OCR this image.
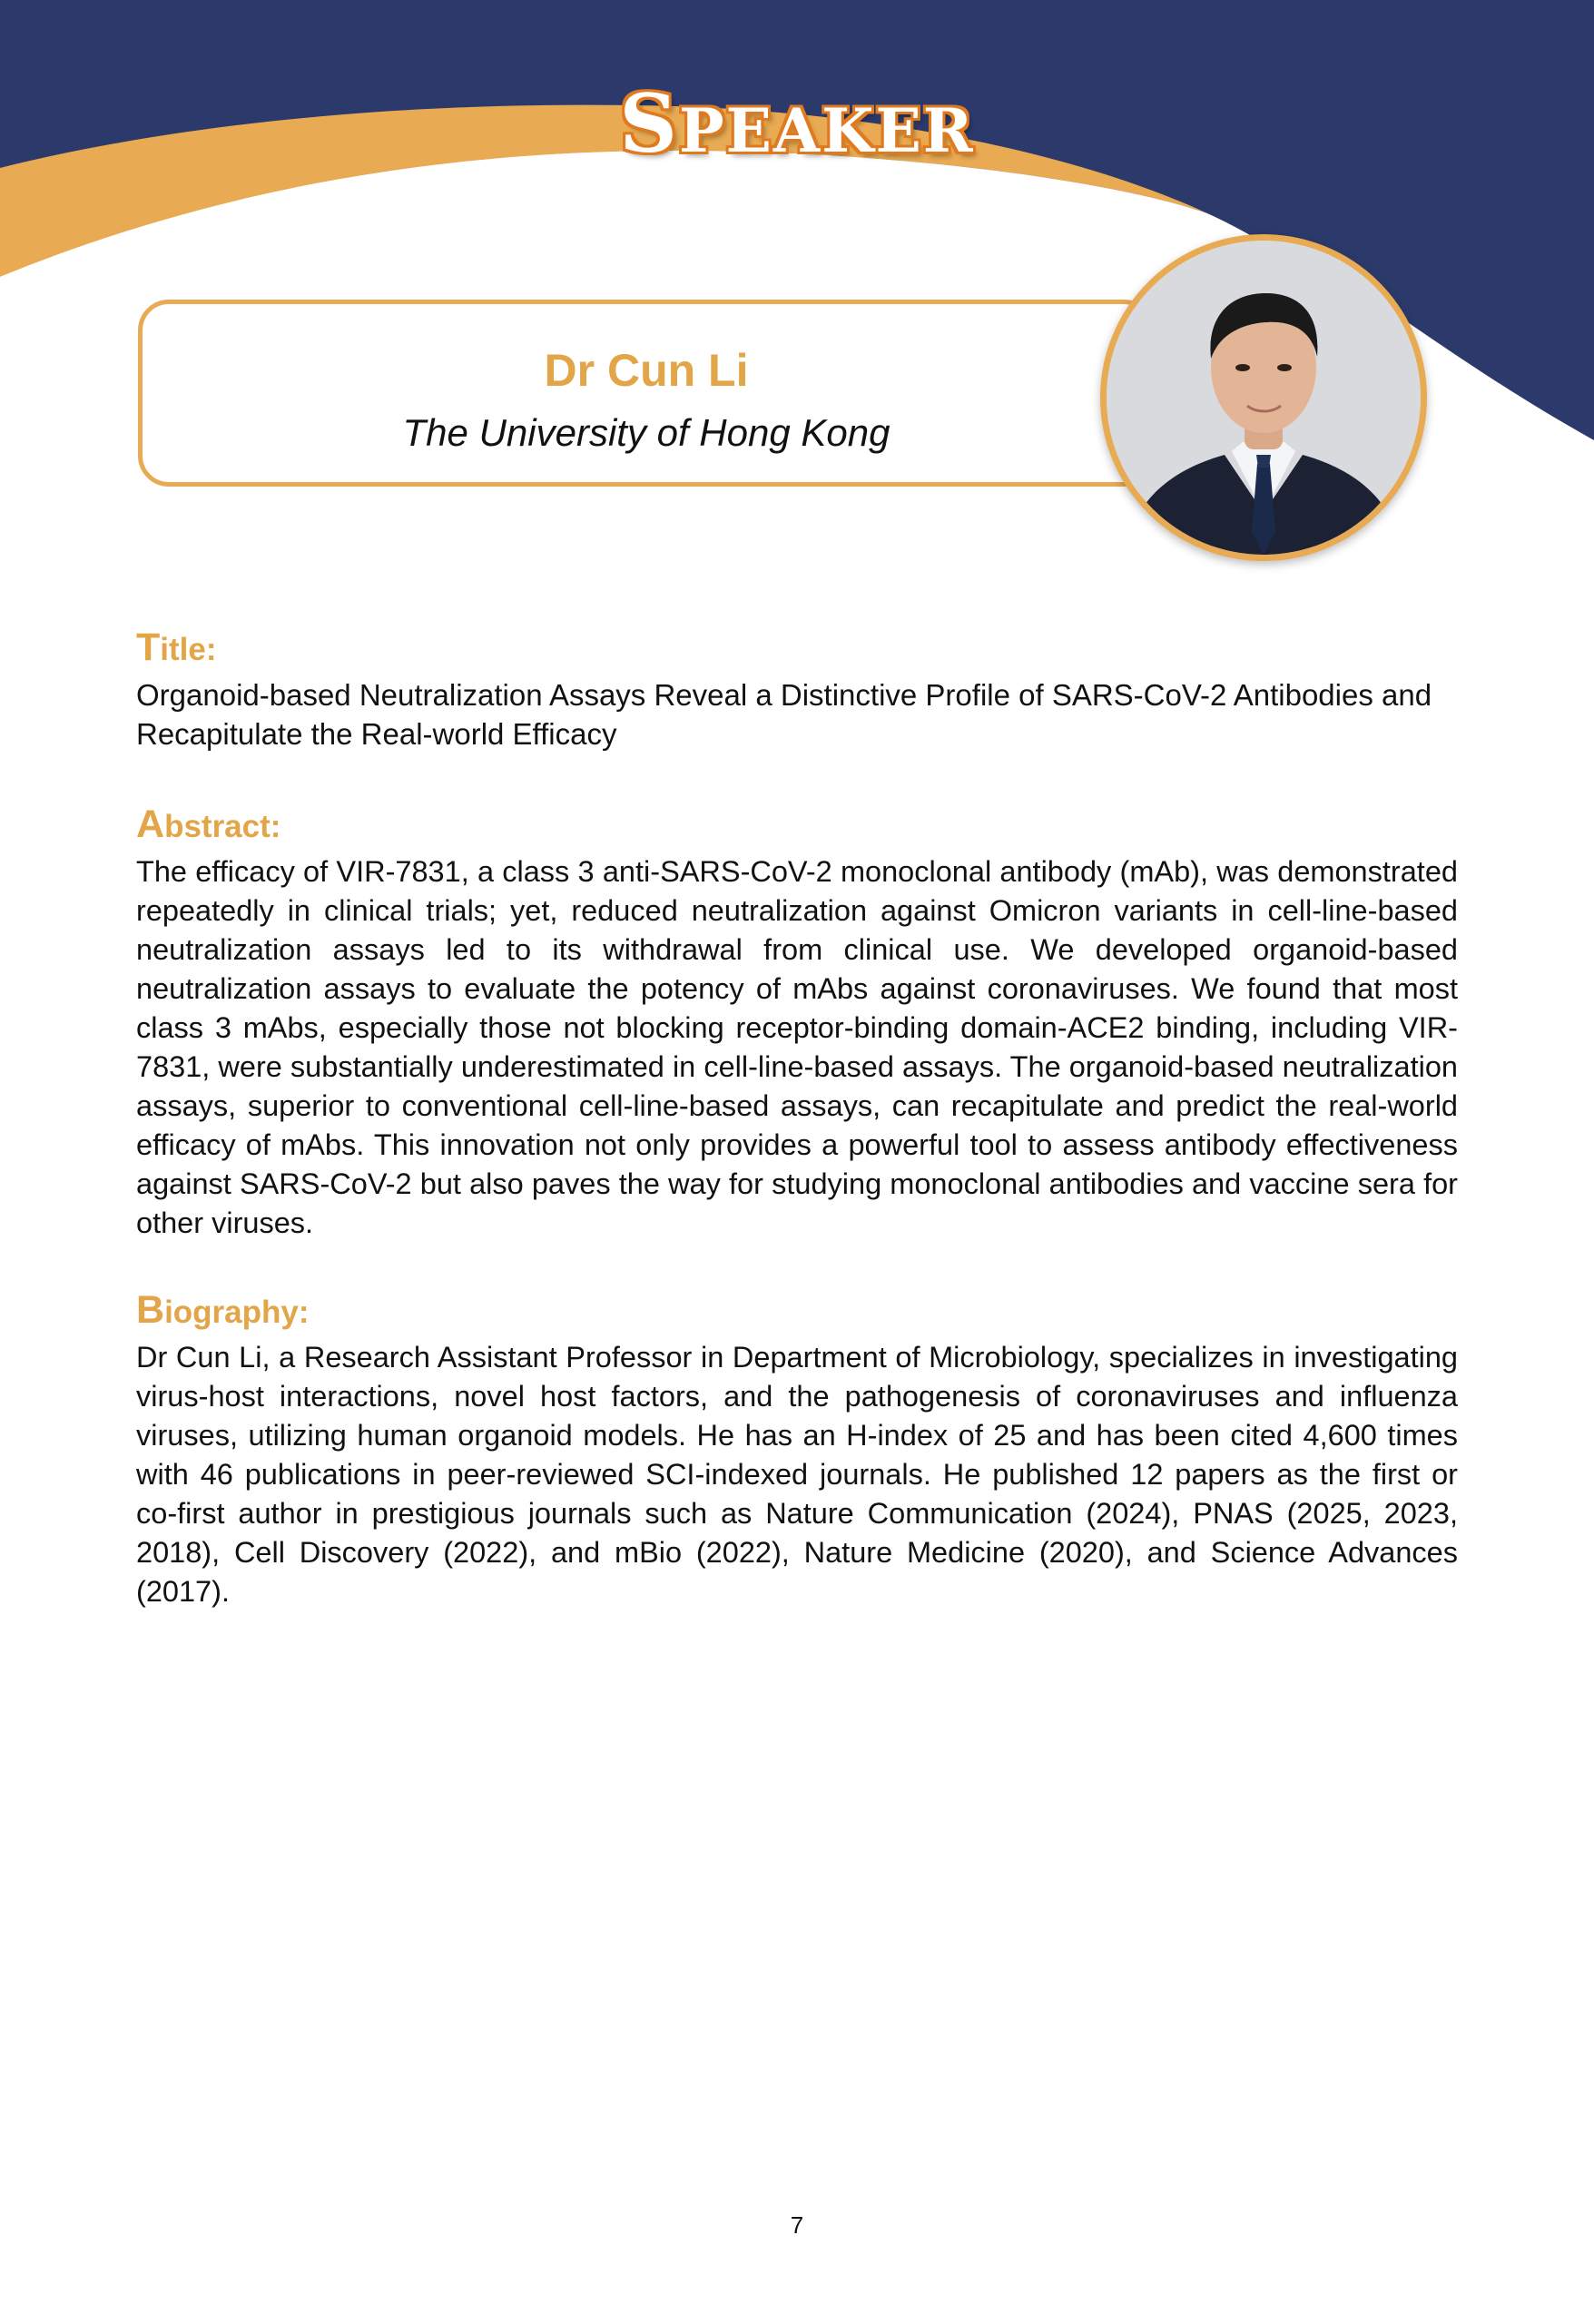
SPEAKER
Dr Cun Li
The University of Hong Kong
Title:
Organoid-based Neutralization Assays Reveal a Distinctive Profile of SARS-CoV-2 Antibodies and Recapitulate the Real-world Efficacy
Abstract:
The efficacy of VIR-7831, a class 3 anti-SARS-CoV-2 monoclonal antibody (mAb), was demonstrated repeatedly in clinical trials; yet, reduced neutralization against Omicron variants in cell-line-based neutralization assays led to its withdrawal from clinical use. We developed organoid-based neutralization assays to evaluate the potency of mAbs against coronaviruses. We found that most class 3 mAbs, especially those not blocking receptor-binding domain-ACE2 binding, including VIR-7831, were substantially underestimated in cell-line-based assays. The organoid-based neutralization assays, superior to conventional cell-line-based assays, can recapitulate and predict the real-world efficacy of mAbs. This innovation not only provides a powerful tool to assess antibody effectiveness against SARS-CoV-2 but also paves the way for studying monoclonal antibodies and vaccine sera for other viruses.
Biography:
Dr Cun Li, a Research Assistant Professor in Department of Microbiology, specializes in investigating virus-host interactions, novel host factors, and the pathogenesis of coronaviruses and influenza viruses, utilizing human organoid models. He has an H-index of 25 and has been cited 4,600 times with 46 publications in peer-reviewed SCI-indexed journals. He published 12 papers as the first or co-first author in prestigious journals such as Nature Communication (2024), PNAS (2025, 2023, 2018), Cell Discovery (2022), and mBio (2022), Nature Medicine (2020), and Science Advances (2017).
7
